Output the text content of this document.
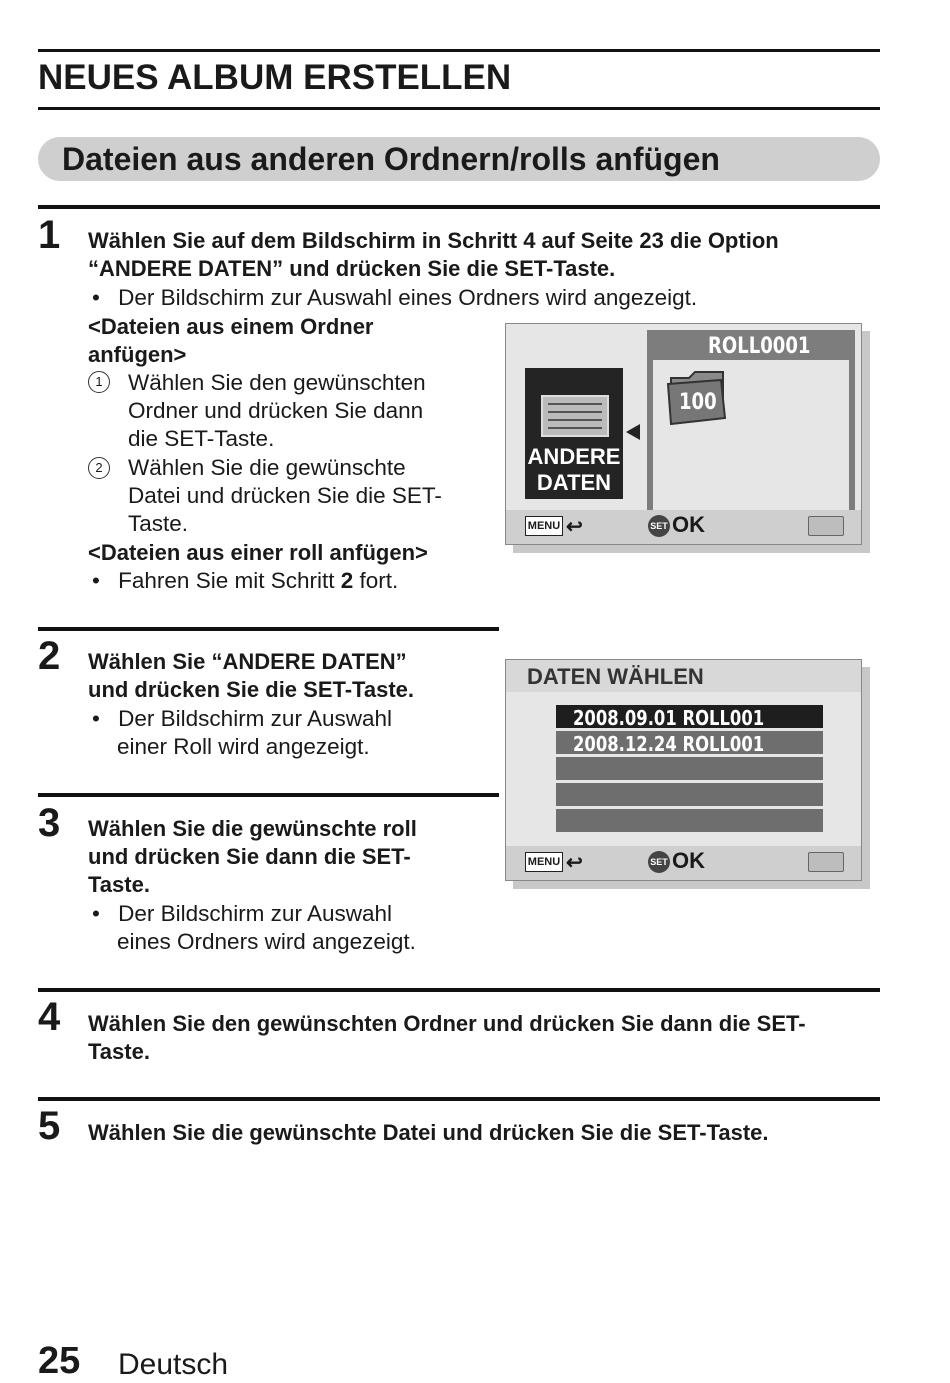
NEUES ALBUM ERSTELLEN
Dateien aus anderen Ordnern/rolls anfügen
1 Wählen Sie auf dem Bildschirm in Schritt 4 auf Seite 23 die Option
“ANDERE DATEN” und drücken Sie die SET-Taste.
• Der Bildschirm zur Auswahl eines Ordners wird angezeigt.
<Dateien aus einem Ordner
anfügen>
1	Wählen Sie den gewünschten
Ordner und drücken Sie dann
die SET-Taste.
2	Wählen Sie die gewünschte
Datei und drücken Sie die SET-
Taste.
<Dateien aus einer roll anfügen>
• Fahren Sie mit Schritt 2 fort.
ROLL0001
100
ANDERE
DATEN
MENU ↩	SET OK
2 Wählen Sie “ANDERE DATEN”
und drücken Sie die SET-Taste.
• Der Bildschirm zur Auswahl
einer Roll wird angezeigt.
DATEN WÄHLEN
2008.09.01 ROLL001
2008.12.24 ROLL001
MENU ↩	SET OK
3 Wählen Sie die gewünschte roll
und drücken Sie dann die SET-
Taste.
• Der Bildschirm zur Auswahl
eines Ordners wird angezeigt.
4 Wählen Sie den gewünschten Ordner und drücken Sie dann die SET-
Taste.
5 Wählen Sie die gewünschte Datei und drücken Sie die SET-Taste.
25 Deutsch
